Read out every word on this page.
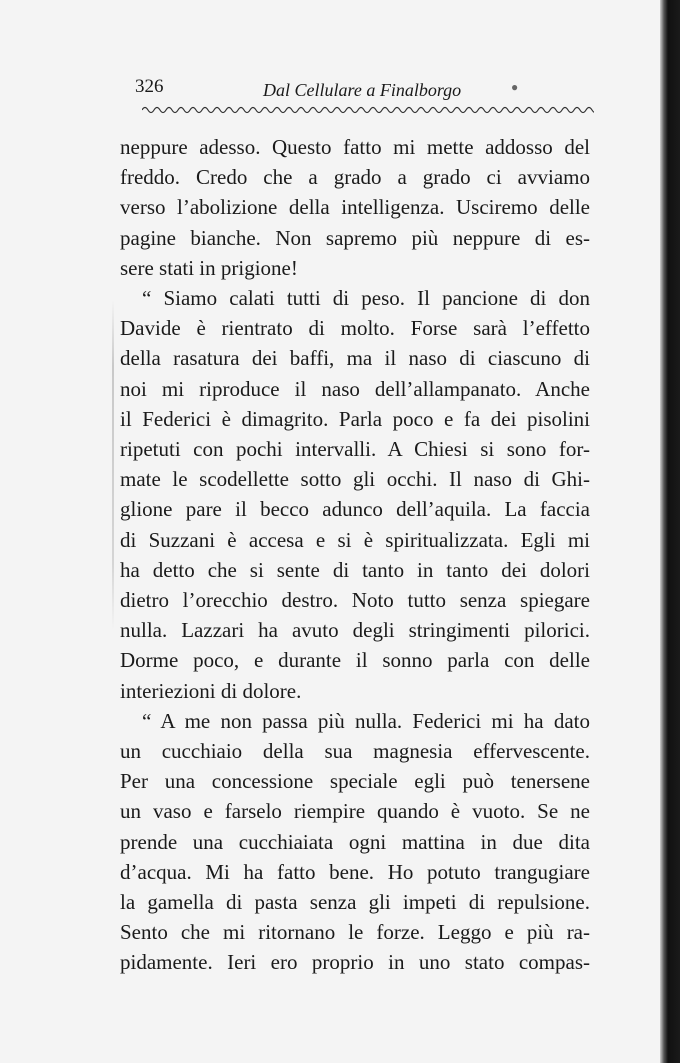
326	Dal Cellulare a Finalborgo	●
neppure adesso. Questo fatto mi mette addosso del
freddo. Credo che a grado a grado ci avviamo
verso l’abolizione della intelligenza. Usciremo delle
pagine bianche. Non sapremo più neppure di es-
sere stati in prigione!
“ Siamo calati tutti di peso. Il pancione di don
Davide è rientrato di molto. Forse sarà l’effetto
della rasatura dei baffi, ma il naso di ciascuno di
noi mi riproduce il naso dell’allampanato. Anche
il Federici è dimagrito. Parla poco e fa dei pisolini
ripetuti con pochi intervalli. A Chiesi si sono for-
mate le scodellette sotto gli occhi. Il naso di Ghi-
glione pare il becco adunco dell’aquila. La faccia
di Suzzani è accesa e si è spiritualizzata. Egli mi
ha detto che si sente di tanto in tanto dei dolori
dietro l’orecchio destro. Noto tutto senza spiegare
nulla. Lazzari ha avuto degli stringimenti pilorici.
Dorme poco, e durante il sonno parla con delle
interiezioni di dolore.
“ A me non passa più nulla. Federici mi ha dato
un cucchiaio della sua magnesia effervescente.
Per una concessione speciale egli può tenersene
un vaso e farselo riempire quando è vuoto. Se ne
prende una cucchiaiata ogni mattina in due dita
d’acqua. Mi ha fatto bene. Ho potuto trangugiare
la gamella di pasta senza gli impeti di repulsione.
Sento che mi ritornano le forze. Leggo e più ra-
pidamente. Ieri ero proprio in uno stato compas-
